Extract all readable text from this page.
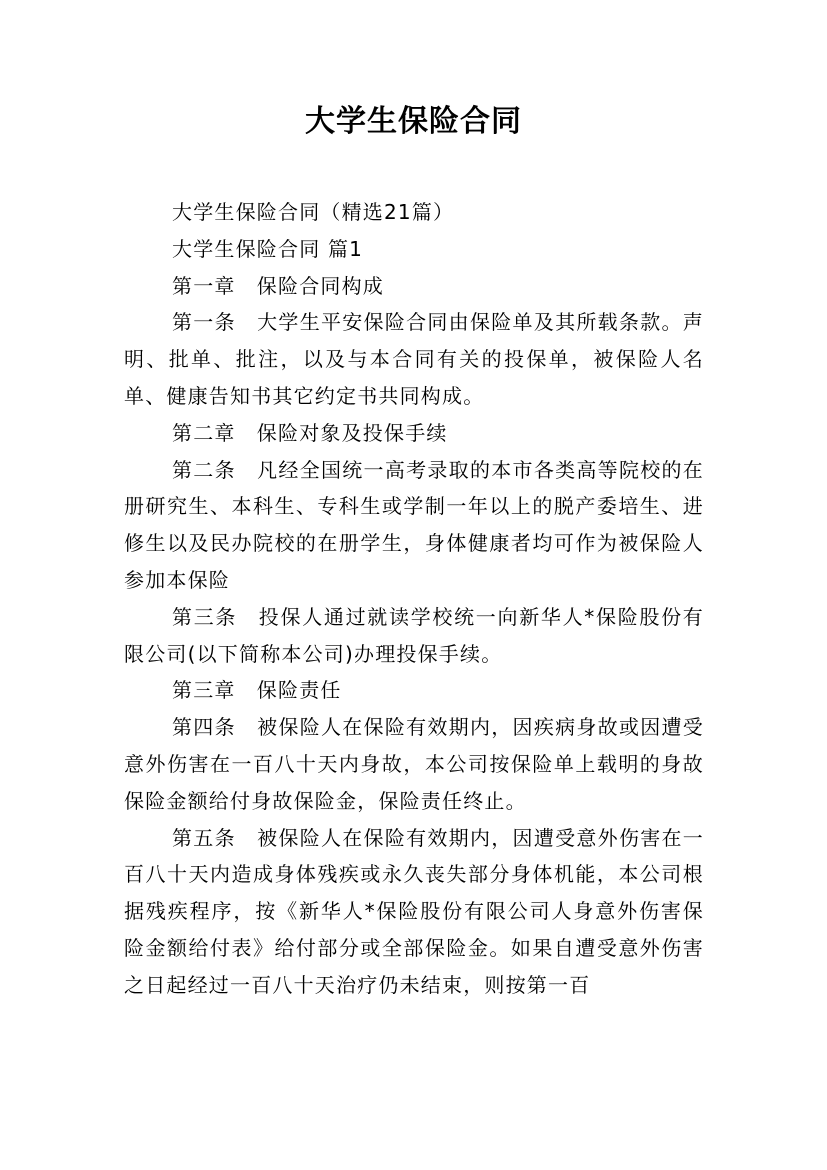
大学生保险合同

大学生保险合同（精选21篇）

大学生保险合同 篇1

第一章　保险合同构成

第一条　大学生平安保险合同由保险单及其所载条款。声明、批单、批注，以及与本合同有关的投保单，被保险人名单、健康告知书其它约定书共同构成。

第二章　保险对象及投保手续

第二条　凡经全国统一高考录取的本市各类高等院校的在册研究生、本科生、专科生或学制一年以上的脱产委培生、进修生以及民办院校的在册学生，身体健康者均可作为被保险人参加本保险

第三条　投保人通过就读学校统一向新华人*保险股份有限公司(以下简称本公司)办理投保手续。

第三章　保险责任

第四条　被保险人在保险有效期内，因疾病身故或因遭受意外伤害在一百八十天内身故，本公司按保险单上载明的身故保险金额给付身故保险金，保险责任终止。

第五条　被保险人在保险有效期内，因遭受意外伤害在一百八十天内造成身体残疾或永久丧失部分身体机能，本公司根据残疾程序，按《新华人*保险股份有限公司人身意外伤害保险金额给付表》给付部分或全部保险金。如果自遭受意外伤害之日起经过一百八十天治疗仍未结束，则按第一百
